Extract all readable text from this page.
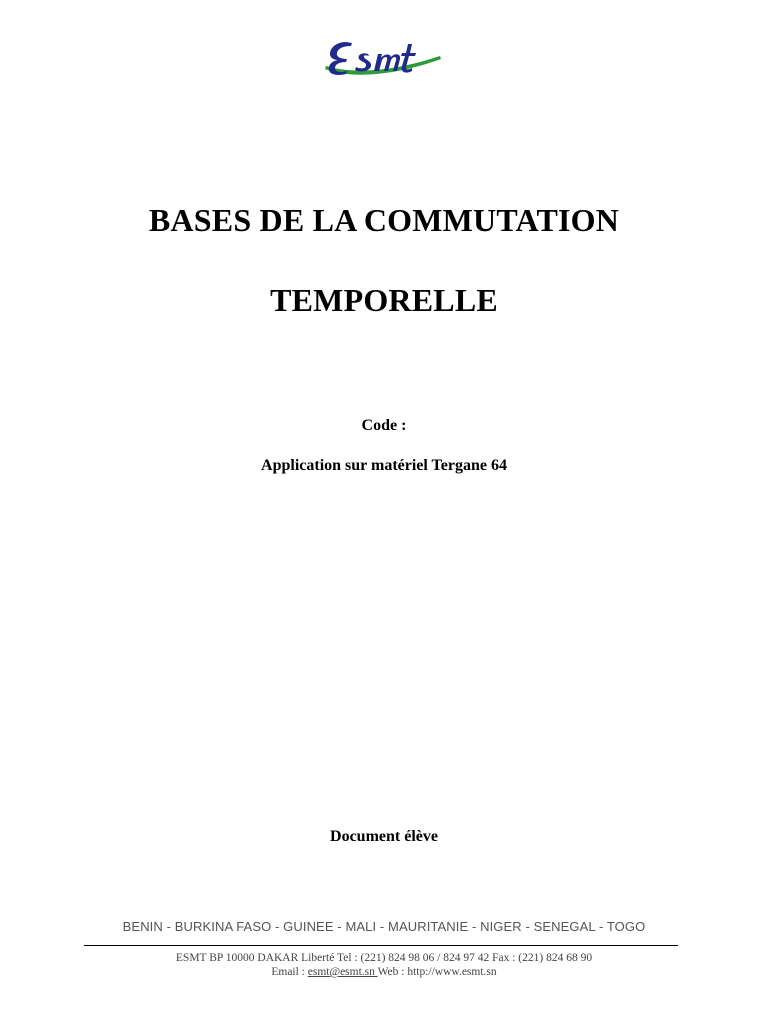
BASES DE LA COMMUTATION
TEMPORELLE
Code :
Application sur matériel Tergane 64
Document élève
BENIN - BURKINA FASO - GUINEE - MALI - MAURITANIE - NIGER - SENEGAL - TOGO
ESMT BP 10000 DAKAR Liberté Tel : (221) 824 98 06 / 824 97 42 Fax : (221) 824 68 90
Email : esmt@esmt.sn Web : http://www.esmt.sn
